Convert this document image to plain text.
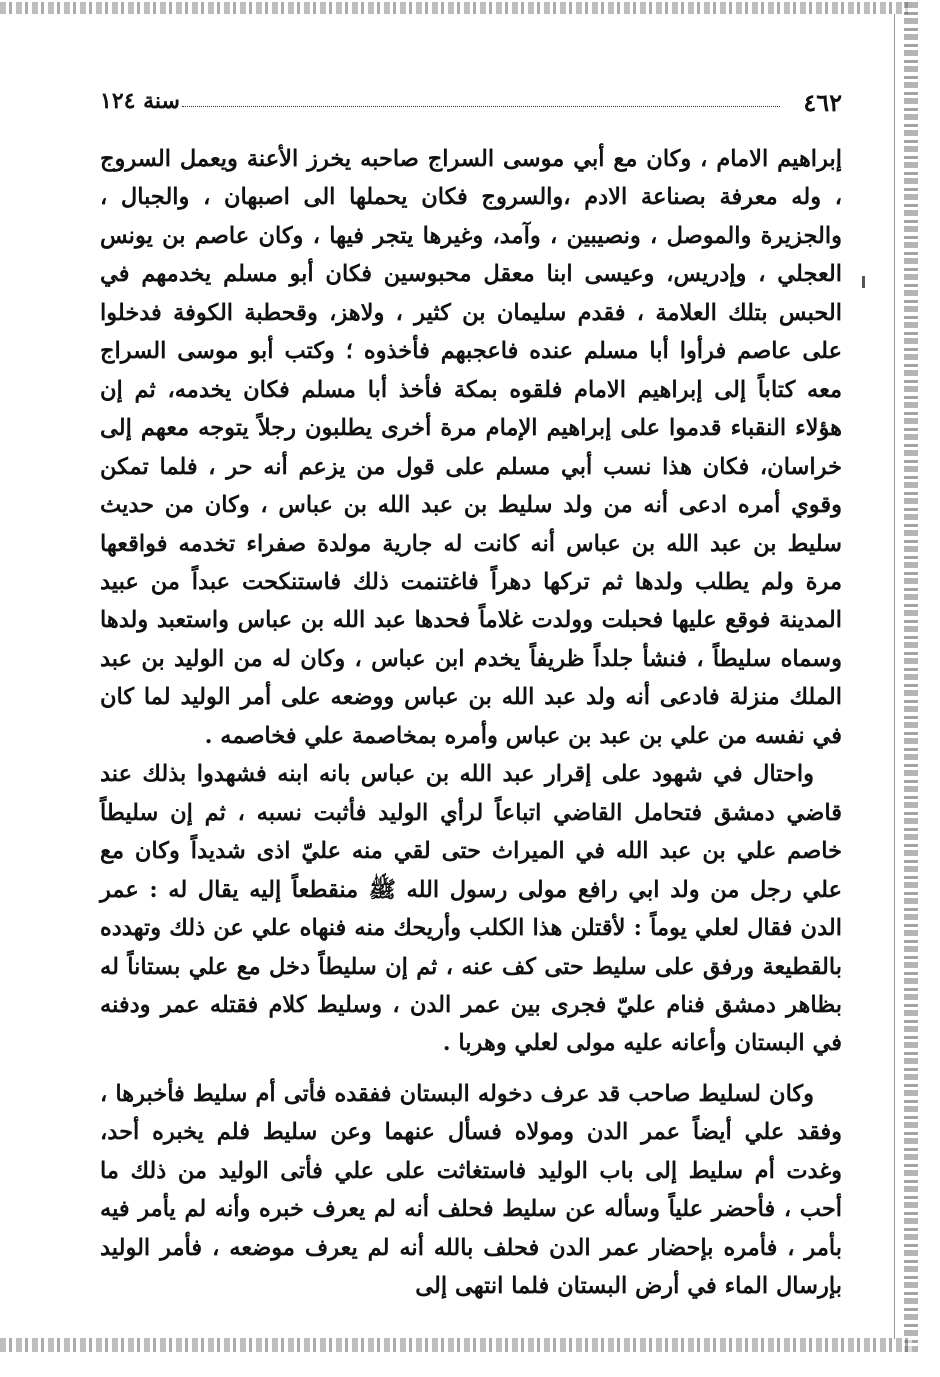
٤٦٢
سنة ١٢٤

إبراهيم الامام ، وكان مع أبي موسى السراج صاحبه يخرز الأعنة ويعمل السروج ، وله معرفة بصناعة الادم ،والسروج فكان يحملها الى اصبهان ، والجبال ، والجزيرة والموصل ، ونصيبين ، وآمد، وغيرها يتجر فيها ، وكان عاصم بن يونس العجلي ، وإدريس، وعيسى ابنا معقل محبوسين فكان أبو مسلم يخدمهم في الحبس بتلك العلامة ، فقدم سليمان بن كثير ، ولاهز، وقحطبة الكوفة فدخلوا على عاصم فرأوا أبا مسلم عنده فاعجبهم فأخذوه ؛ وكتب أبو موسى السراج معه كتاباً إلى إبراهيم الامام فلقوه بمكة فأخذ أبا مسلم فكان يخدمه، ثم إن هؤلاء النقباء قدموا على إبراهيم الإمام مرة أخرى يطلبون رجلاً يتوجه معهم إلى خراسان، فكان هذا نسب أبي مسلم على قول من يزعم أنه حر ، فلما تمكن وقوي أمره ادعى أنه من ولد سليط بن عبد الله بن عباس ، وكان من حديث سليط بن عبد الله بن عباس أنه كانت له جارية مولدة صفراء تخدمه فواقعها مرة ولم يطلب ولدها ثم تركها دهراً فاغتنمت ذلك فاستنكحت عبداً من عبيد المدينة فوقع عليها فحبلت وولدت غلاماً فحدها عبد الله بن عباس واستعبد ولدها وسماه سليطاً ، فنشأ جلداً ظريفاً يخدم ابن عباس ، وكان له من الوليد بن عبد الملك منزلة فادعى أنه ولد عبد الله بن عباس ووضعه على أمر الوليد لما كان في نفسه من علي بن عبد بن عباس وأمره بمخاصمة علي فخاصمه .

واحتال في شهود على إقرار عبد الله بن عباس بانه ابنه فشهدوا بذلك عند قاضي دمشق فتحامل القاضي اتباعاً لرأي الوليد فأثبت نسبه ، ثم إن سليطاً خاصم علي بن عبد الله في الميراث حتى لقي منه عليّ اذى شديداً وكان مع علي رجل من ولد ابي رافع مولى رسول الله ﷺ منقطعاً إليه يقال له : عمر الدن فقال لعلي يوماً : لأقتلن هذا الكلب وأريحك منه فنهاه علي عن ذلك وتهدده بالقطيعة ورفق على سليط حتى كف عنه ، ثم إن سليطاً دخل مع علي بستاناً له بظاهر دمشق فنام عليّ فجرى بين عمر الدن ، وسليط كلام فقتله عمر ودفنه في البستان وأعانه عليه مولى لعلي وهربا .

وكان لسليط صاحب قد عرف دخوله البستان ففقده فأتى أم سليط فأخبرها ، وفقد علي أيضاً عمر الدن ومولاه فسأل عنهما وعن سليط فلم يخبره أحد، وغدت أم سليط إلى باب الوليد فاستغاثت على علي فأتى الوليد من ذلك ما أحب ، فأحضر علياً وسأله عن سليط فحلف أنه لم يعرف خبره وأنه لم يأمر فيه بأمر ، فأمره بإحضار عمر الدن فحلف بالله أنه لم يعرف موضعه ، فأمر الوليد بإرسال الماء في أرض البستان فلما انتهى إلى
